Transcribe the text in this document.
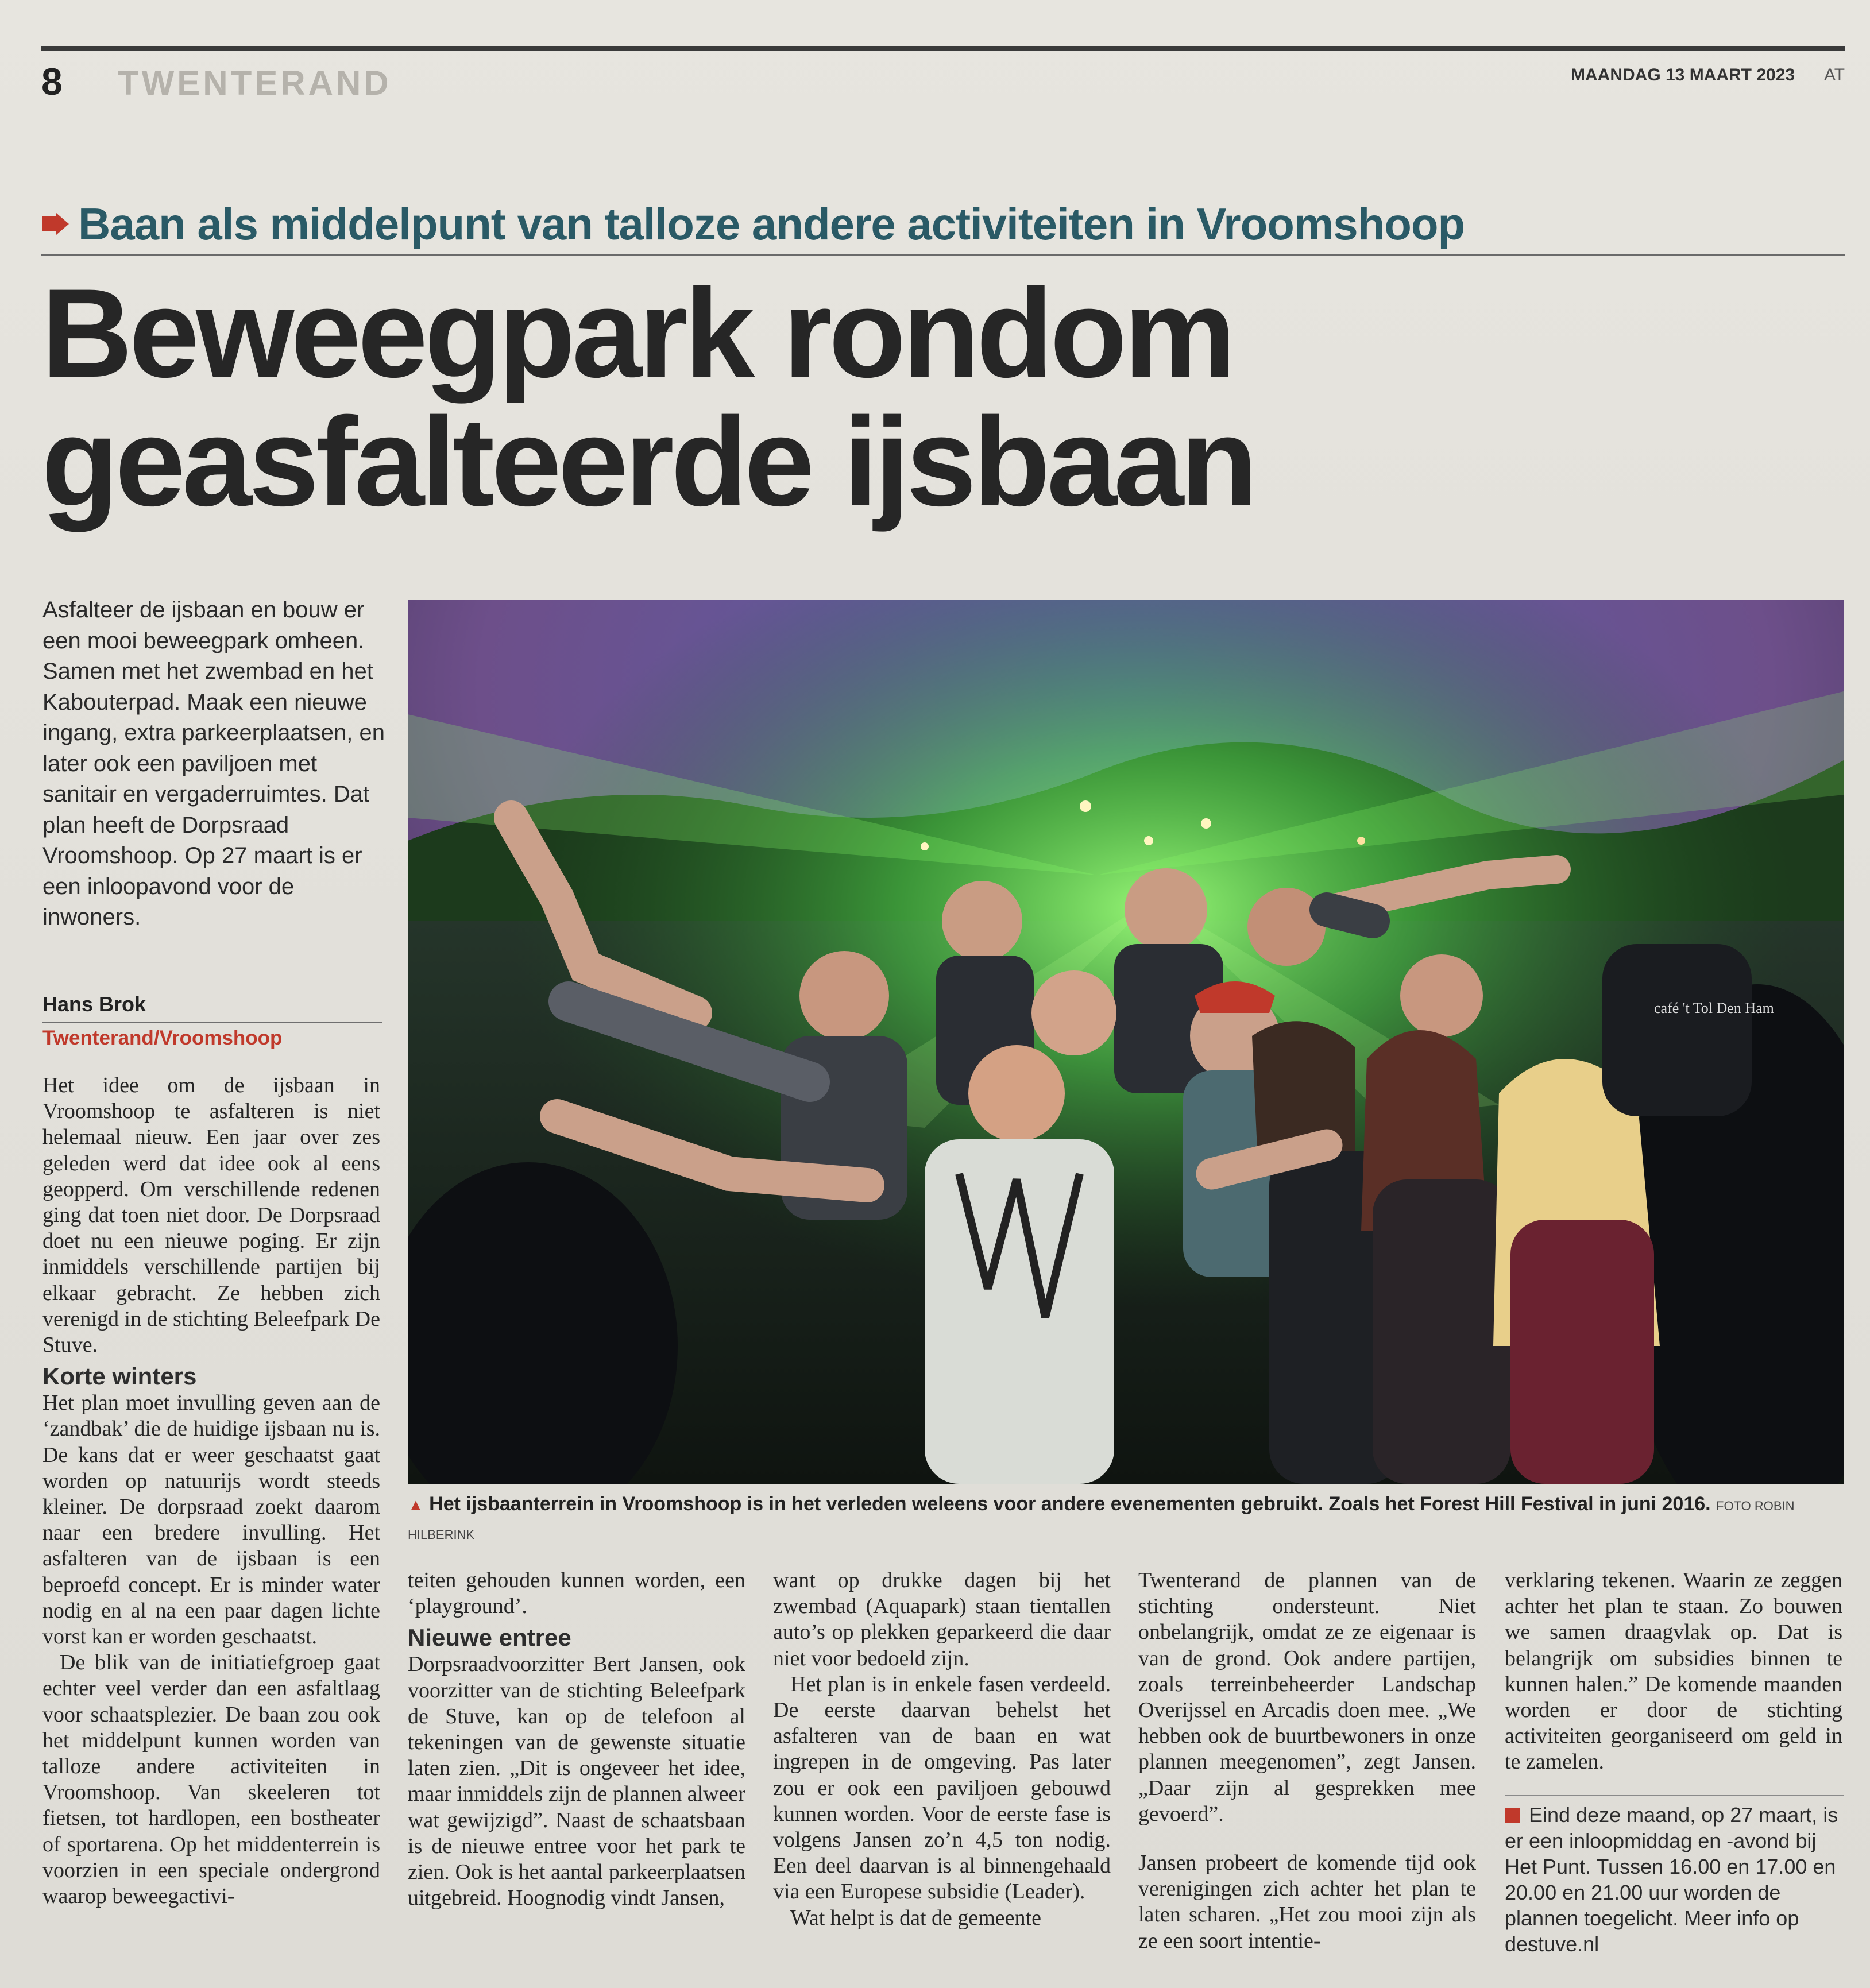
8 TWENTERAND	MAANDAG 13 MAART 2023 AT
Baan als middelpunt van talloze andere activiteiten in Vroomshoop
Beweegpark rondom
geasfalteerde ijsbaan
Asfalteer de ijsbaan en bouw er een mooi beweegpark omheen. Samen met het zwembad en het Kabouterpad. Maak een nieuwe ingang, extra parkeerplaatsen, en later ook een paviljoen met sanitair en vergaderruimtes. Dat plan heeft de Dorpsraad Vroomshoop. Op 27 maart is er een inloopavond voor de inwoners.
Hans Brok
Twenterand/Vroomshoop

Het idee om de ijsbaan in Vroomshoop te asfalteren is niet helemaal nieuw. Een jaar over zes geleden werd dat idee ook al eens geopperd. Om verschillende redenen ging dat toen niet door. De Dorpsraad doet nu een nieuwe poging. Er zijn inmiddels verschillende partijen bij elkaar gebracht. Ze hebben zich verenigd in de stichting Beleefpark De Stuve.

Korte winters

Het plan moet invulling geven aan de ‘zandbak’ die de huidige ijsbaan nu is. De kans dat er weer geschaatst gaat worden op natuurijs wordt steeds kleiner. De dorpsraad zoekt daarom naar een bredere invulling. Het asfalteren van de ijsbaan is een beproefd concept. Er is minder water nodig en al na een paar dagen lichte vorst kan er worden geschaatst.

De blik van de initiatiefgroep gaat echter veel verder dan een asfaltlaag voor schaatsplezier. De baan zou ook het middelpunt kunnen worden van talloze andere activiteiten in Vroomshoop. Van skeeleren tot fietsen, tot hardlopen, een bostheater of sportarena. Op het middenterrein is voorzien in een speciale ondergrond waarop beweegactivi-

café 't Tol Den Ham
▲ Het ijsbaanterrein in Vroomshoop is in het verleden weleens voor andere evenementen gebruikt. Zoals het Forest Hill Festival in juni 2016. FOTO ROBIN HILBERINK

teiten gehouden kunnen worden, een ‘playground’.

Nieuwe entree

Dorpsraadvoorzitter Bert Jansen, ook voorzitter van de stichting Beleefpark de Stuve, kan op de telefoon al tekeningen van de gewenste situatie laten zien. „Dit is ongeveer het idee, maar inmiddels zijn de plannen alweer wat gewijzigd”. Naast de schaatsbaan is de nieuwe entree voor het park te zien. Ook is het aantal parkeerplaatsen uitgebreid. Hoognodig vindt Jansen,

want op drukke dagen bij het zwembad (Aquapark) staan tientallen auto’s op plekken geparkeerd die daar niet voor bedoeld zijn.

Het plan is in enkele fasen verdeeld. De eerste daarvan behelst het asfalteren van de baan en wat ingrepen in de omgeving. Pas later zou er ook een paviljoen gebouwd kunnen worden. Voor de eerste fase is volgens Jansen zo’n 4,5 ton nodig. Een deel daarvan is al binnengehaald via een Europese subsidie (Leader).

Wat helpt is dat de gemeente

Twenterand de plannen van de stichting ondersteunt. Niet onbelangrijk, omdat ze ze eigenaar is van de grond. Ook andere partijen, zoals terreinbeheerder Landschap Overijssel en Arcadis doen mee. „We hebben ook de buurtbewoners in onze plannen meegenomen”, zegt Jansen. „Daar zijn al gesprekken mee gevoerd”.

Jansen probeert de komende tijd ook verenigingen zich achter het plan te laten scharen. „Het zou mooi zijn als ze een soort intentie-

verklaring tekenen. Waarin ze zeggen achter het plan te staan. Zo bouwen we samen draagvlak op. Dat is belangrijk om subsidies binnen te kunnen halen.” De komende maanden worden er door de stichting activiteiten georganiseerd om geld in te zamelen.

Eind deze maand, op 27 maart, is er een inloopmiddag en -avond bij Het Punt. Tussen 16.00 en 17.00 en 20.00 en 21.00 uur worden de plannen toegelicht. Meer info op destuve.nl
